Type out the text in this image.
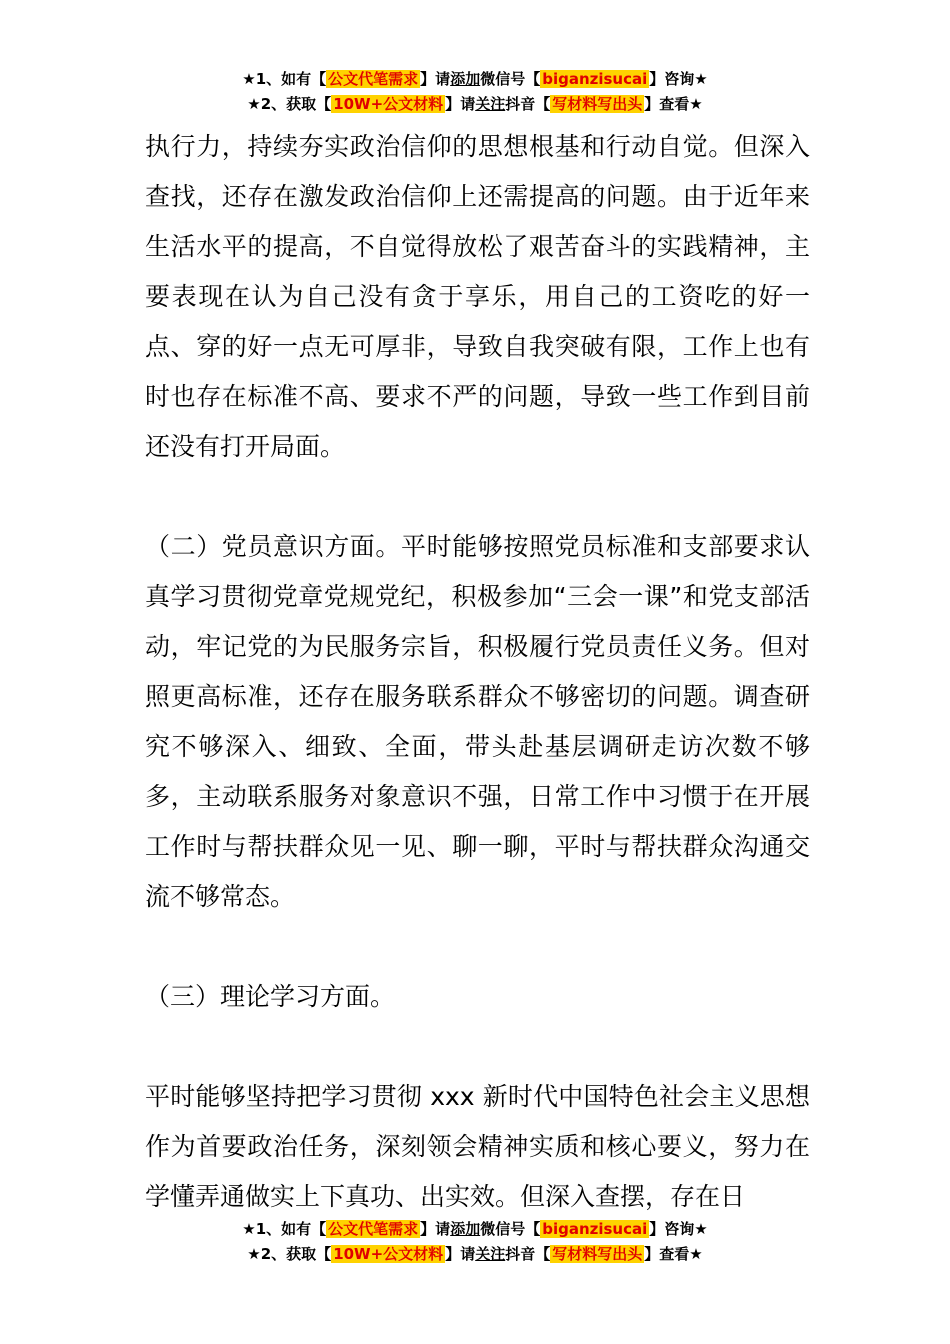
★1、如有【 公文代笔需求 】请添加微信号【 biganzisucai 】咨询★
★2、获取【 10W+公文材料 】请关注抖音【 写材料写出头 】查看★

执行力，持续夯实政治信仰的思想根基和行动自觉。但深入查找，还存在激发政治信仰上还需提高的问题。由于近年来生活水平的提高，不自觉得放松了艰苦奋斗的实践精神，主要表现在认为自己没有贪于享乐，用自己的工资吃的好一点、穿的好一点无可厚非，导致自我突破有限，工作上也有时也存在标准不高、要求不严的问题，导致一些工作到目前还没有打开局面。

（二）党员意识方面。平时能够按照党员标准和支部要求认真学习贯彻党章党规党纪，积极参加“三会一课”和党支部活动，牢记党的为民服务宗旨，积极履行党员责任义务。但对照更高标准，还存在服务联系群众不够密切的问题。调查研究不够深入、细致、全面，带头赴基层调研走访次数不够多，主动联系服务对象意识不强，日常工作中习惯于在开展工作时与帮扶群众见一见、聊一聊，平时与帮扶群众沟通交流不够常态。

（三）理论学习方面。

平时能够坚持把学习贯彻 xxx 新时代中国特色社会主义思想作为首要政治任务，深刻领会精神实质和核心要义，努力在学懂弄通做实上下真功、出实效。但深入查摆，存在日

★1、如有【 公文代笔需求 】请添加微信号【 biganzisucai 】咨询★
★2、获取【 10W+公文材料 】请关注抖音【 写材料写出头 】查看★
